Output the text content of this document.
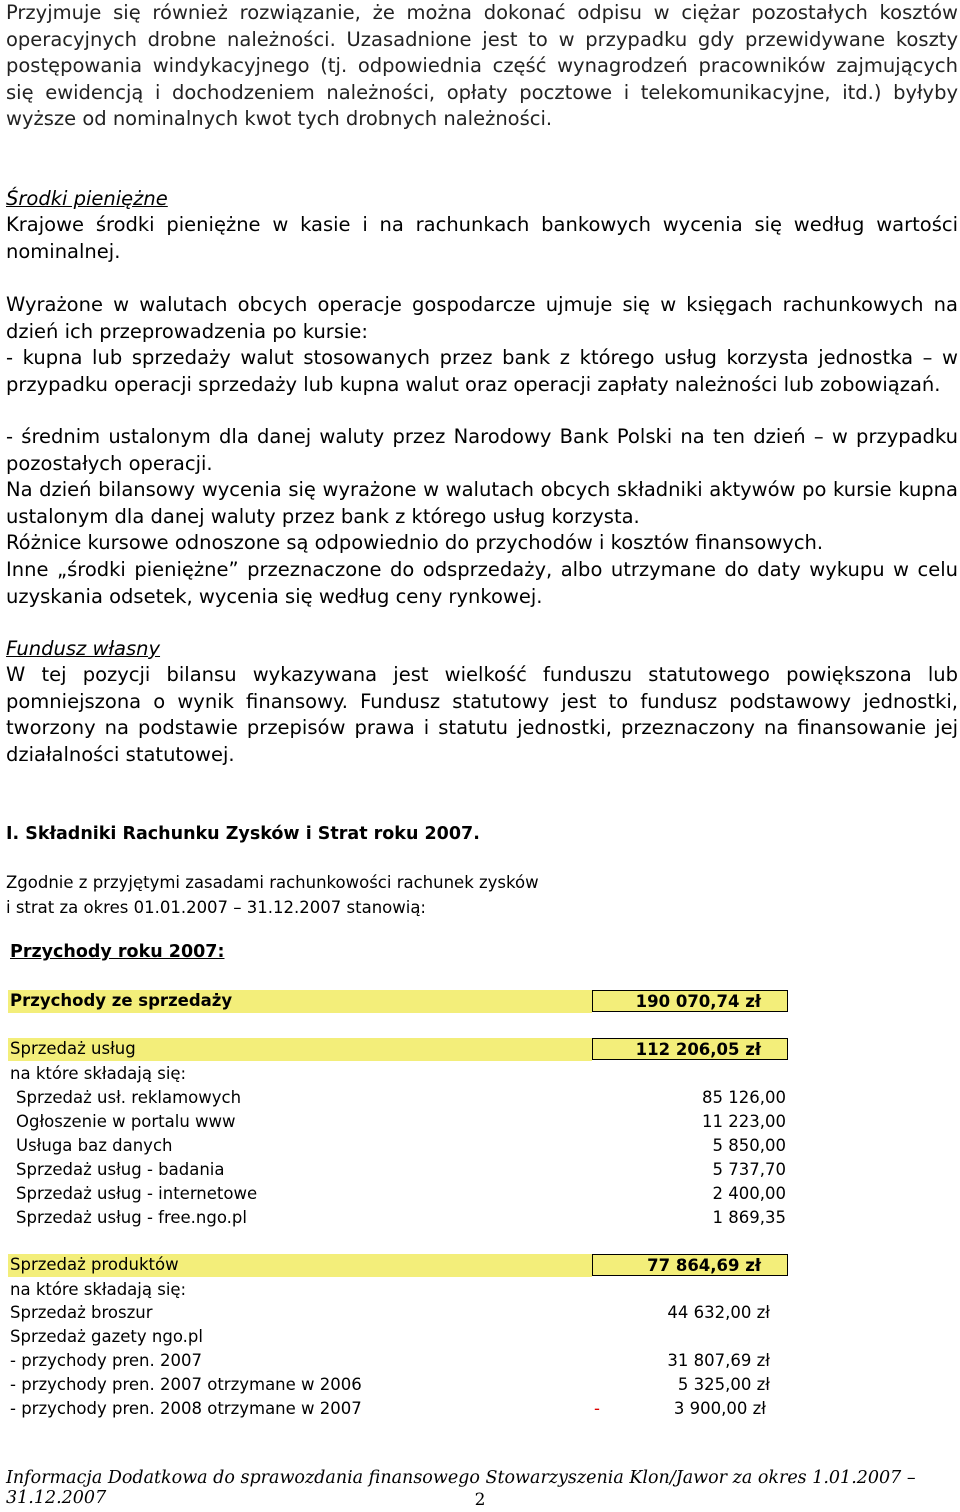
Przyjmuje się również rozwiązanie, że można dokonać odpisu w ciężar pozostałych kosztów operacyjnych drobne należności. Uzasadnione jest to w przypadku gdy przewidywane koszty postępowania windykacyjnego (tj. odpowiednia część wynagrodzeń pracowników zajmujących się ewidencją i dochodzeniem należności, opłaty pocztowe i telekomunikacyjne, itd.) byłyby wyższe od nominalnych kwot tych drobnych należności.

Środki pieniężne

Krajowe środki pieniężne w kasie i na rachunkach bankowych wycenia się według wartości nominalnej.

Wyrażone w walutach obcych operacje gospodarcze ujmuje się w księgach rachunkowych na dzień ich przeprowadzenia po kursie:

- kupna lub sprzedaży walut stosowanych przez bank z którego usług korzysta jednostka – w przypadku operacji sprzedaży lub kupna walut oraz operacji zapłaty należności lub zobowiązań.

- średnim ustalonym dla danej waluty przez Narodowy Bank Polski na ten dzień – w przypadku pozostałych operacji.

Na dzień bilansowy wycenia się wyrażone w walutach obcych składniki aktywów po kursie kupna ustalonym dla danej waluty przez bank z którego usług korzysta.

Różnice kursowe odnoszone są odpowiednio do przychodów i kosztów finansowych.

Inne „środki pieniężne” przeznaczone do odsprzedaży, albo utrzymane do daty wykupu w celu uzyskania odsetek, wycenia się według ceny rynkowej.

Fundusz własny

W tej pozycji bilansu wykazywana jest wielkość funduszu statutowego powiększona lub pomniejszona o wynik finansowy. Fundusz statutowy jest to fundusz podstawowy jednostki, tworzony na podstawie przepisów prawa i statutu jednostki, przeznaczony na finansowanie jej działalności statutowej.

I. Składniki Rachunku Zysków i Strat roku 2007.
Zgodnie z przyjętymi zasadami rachunkowości rachunek zysków
i strat za okres 01.01.2007 – 31.12.2007 stanowią:
Przychody roku 2007:
Przychody ze sprzedaży	190 070,74 zł
Sprzedaż usług	112 206,05 zł
na które składają się:
Sprzedaż usł. reklamowych	85 126,00
Ogłoszenie w portalu www	11 223,00
Usługa baz danych	5 850,00
Sprzedaż usług - badania	5 737,70
Sprzedaż usług - internetowe	2 400,00
Sprzedaż usług - free.ngo.pl	1 869,35
Sprzedaż produktów	77 864,69 zł
na które składają się:
Sprzedaż broszur	44 632,00 zł
Sprzedaż gazety ngo.pl
- przychody pren. 2007	31 807,69 zł
- przychody pren. 2007 otrzymane w 2006	5 325,00 zł
- przychody pren. 2008 otrzymane w 2007	-	3 900,00 zł
Informacja Dodatkowa do sprawozdania finansowego Stowarzyszenia Klon/Jawor za okres 1.01.2007 – 31.12.2007	2
